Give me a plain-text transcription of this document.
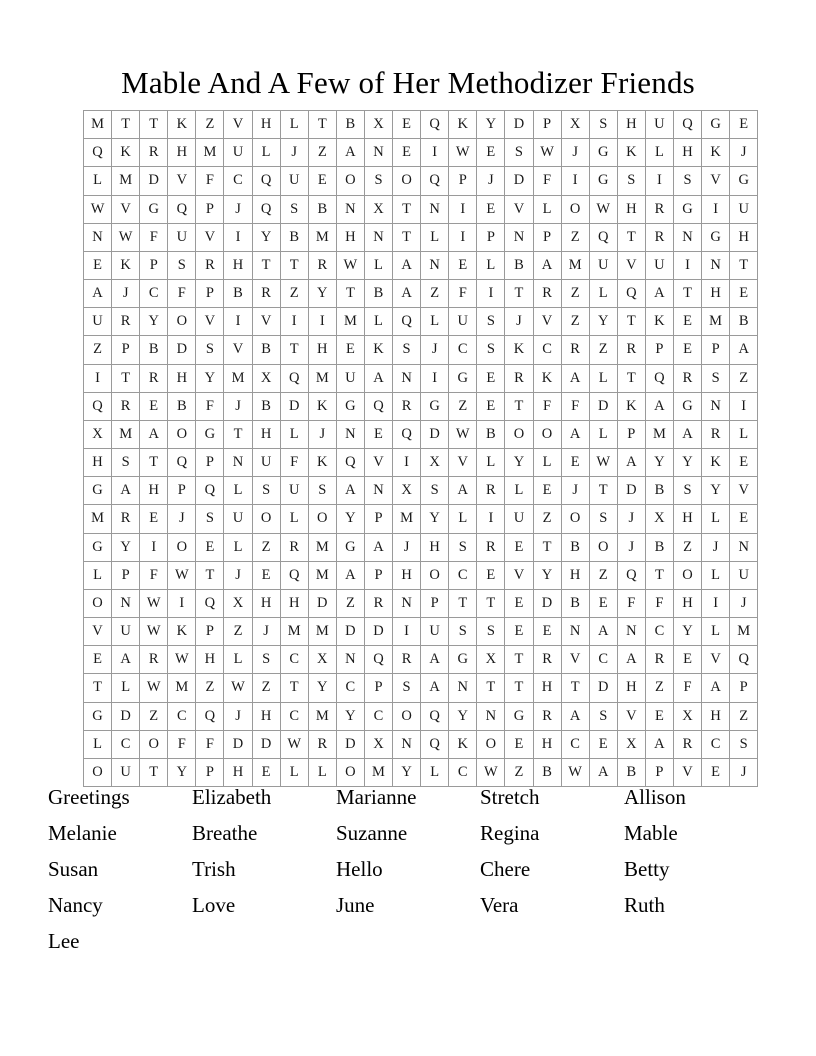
Mable And A Few of Her Methodizer Friends
M	T	T	K	Z	V	H	L	T	B	X	E	Q	K	Y	D	P	X	S	H	U	Q	G	E
Q	K	R	H	M	U	L	J	Z	A	N	E	I	W	E	S	W	J	G	K	L	H	K	J
L	M	D	V	F	C	Q	U	E	O	S	O	Q	P	J	D	F	I	G	S	I	S	V	G
W	V	G	Q	P	J	Q	S	B	N	X	T	N	I	E	V	L	O	W	H	R	G	I	U
N	W	F	U	V	I	Y	B	M	H	N	T	L	I	P	N	P	Z	Q	T	R	N	G	H
E	K	P	S	R	H	T	T	R	W	L	A	N	E	L	B	A	M	U	V	U	I	N	T
A	J	C	F	P	B	R	Z	Y	T	B	A	Z	F	I	T	R	Z	L	Q	A	T	H	E
U	R	Y	O	V	I	V	I	I	M	L	Q	L	U	S	J	V	Z	Y	T	K	E	M	B
Z	P	B	D	S	V	B	T	H	E	K	S	J	C	S	K	C	R	Z	R	P	E	P	A
I	T	R	H	Y	M	X	Q	M	U	A	N	I	G	E	R	K	A	L	T	Q	R	S	Z
Q	R	E	B	F	J	B	D	K	G	Q	R	G	Z	E	T	F	F	D	K	A	G	N	I
X	M	A	O	G	T	H	L	J	N	E	Q	D	W	B	O	O	A	L	P	M	A	R	L
H	S	T	Q	P	N	U	F	K	Q	V	I	X	V	L	Y	L	E	W	A	Y	Y	K	E
G	A	H	P	Q	L	S	U	S	A	N	X	S	A	R	L	E	J	T	D	B	S	Y	V
M	R	E	J	S	U	O	L	O	Y	P	M	Y	L	I	U	Z	O	S	J	X	H	L	E
G	Y	I	O	E	L	Z	R	M	G	A	J	H	S	R	E	T	B	O	J	B	Z	J	N
L	P	F	W	T	J	E	Q	M	A	P	H	O	C	E	V	Y	H	Z	Q	T	O	L	U
O	N	W	I	Q	X	H	H	D	Z	R	N	P	T	T	E	D	B	E	F	F	H	I	J
V	U	W	K	P	Z	J	M	M	D	D	I	U	S	S	E	E	N	A	N	C	Y	L	M
E	A	R	W	H	L	S	C	X	N	Q	R	A	G	X	T	R	V	C	A	R	E	V	Q
T	L	W	M	Z	W	Z	T	Y	C	P	S	A	N	T	T	H	T	D	H	Z	F	A	P
G	D	Z	C	Q	J	H	C	M	Y	C	O	Q	Y	N	G	R	A	S	V	E	X	H	Z
L	C	O	F	F	D	D	W	R	D	X	N	Q	K	O	E	H	C	E	X	A	R	C	S
O	U	T	Y	P	H	E	L	L	O	M	Y	L	C	W	Z	B	W	A	B	P	V	E	J
Greetings	Elizabeth	Marianne	Stretch	Allison
Melanie	Breathe	Suzanne	Regina	Mable
Susan	Trish	Hello	Chere	Betty
Nancy	Love	June	Vera	Ruth
Lee
